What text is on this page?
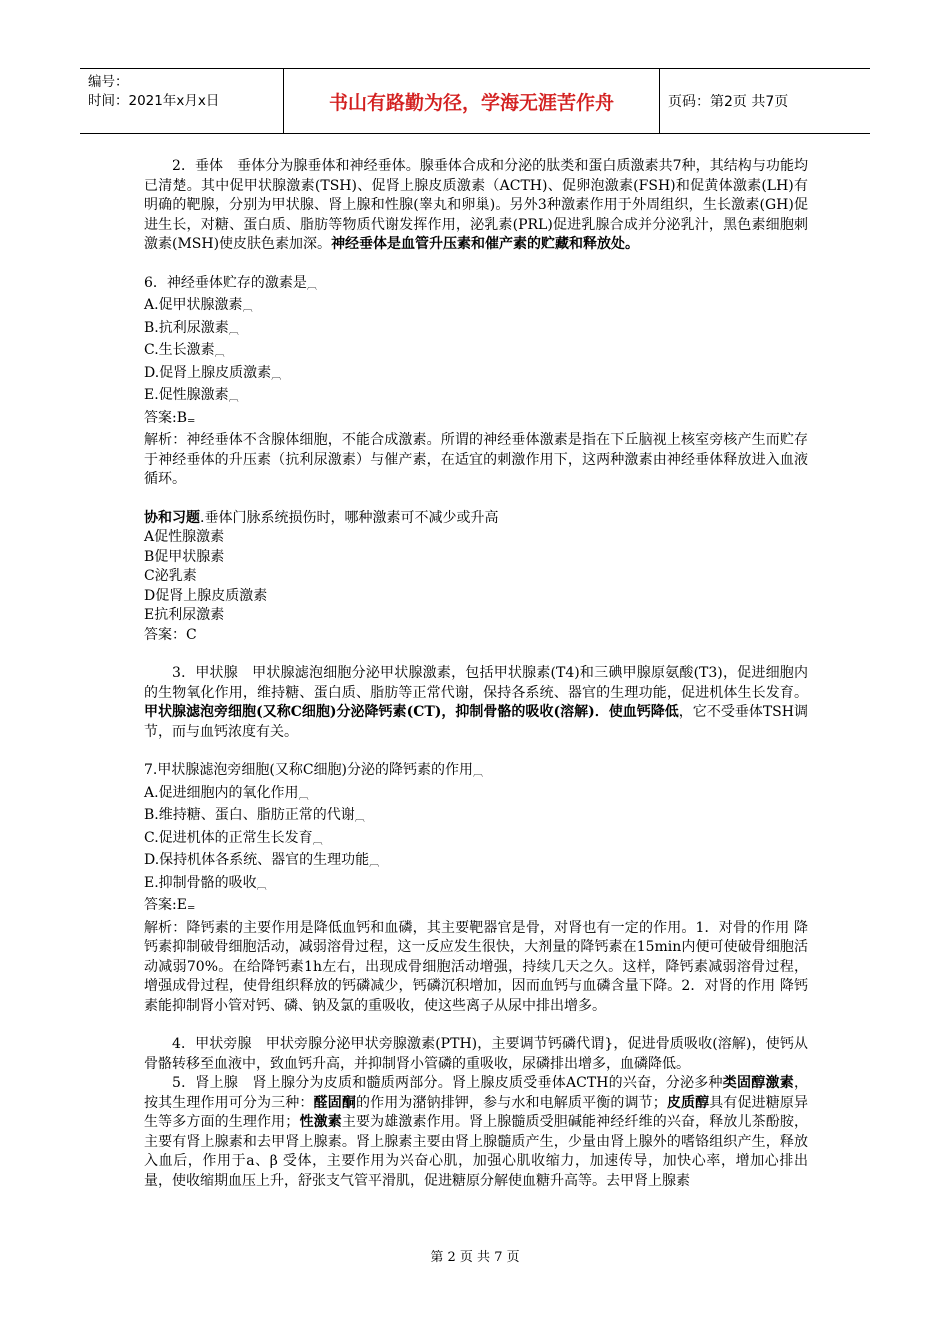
编号：
时间：2021年x月x日	书山有路勤为径，学海无涯苦作舟	页码：第2页 共7页

2．垂体　垂体分为腺垂体和神经垂体。腺垂体合成和分泌的肽类和蛋白质激素共7种，其结构与功能均已清楚。其中促甲状腺激素(TSH)、促肾上腺皮质激素（ACTH)、促卵泡激素(FSH)和促黄体激素(LH)有明确的靶腺，分别为甲状腺、肾上腺和性腺(睾丸和卵巢)。另外3种激素作用于外周组织，生长激素(GH)促进生长，对糖、蛋白质、脂肪等物质代谢发挥作用，泌乳素(PRL)促进乳腺合成并分泌乳汁，黑色素细胞刺激素(MSH)使皮肤色素加深。神经垂体是血管升压素和催产素的贮藏和释放处。

6．神经垂体贮存的激素是︹

A.促甲状腺激素︹

B.抗利尿激素︹

C.生长激素︹

D.促肾上腺皮质激素︹

E.促性腺激素︹

答案:B=

解析：神经垂体不含腺体细胞，不能合成激素。所谓的神经垂体激素是指在下丘脑视上核室旁核产生而贮存于神经垂体的升压素（抗利尿激素）与催产素，在适宜的刺激作用下，这两种激素由神经垂体释放进入血液循环。

协和习题.垂体门脉系统损伤时，哪种激素可不减少或升高

A促性腺激素

B促甲状腺素

C泌乳素

D促肾上腺皮质激素

E抗利尿激素

答案：C

3．甲状腺　甲状腺滤泡细胞分泌甲状腺激素，包括甲状腺素(T4)和三碘甲腺原氨酸(T3)，促进细胞内的生物氧化作用，维持糖、蛋白质、脂肪等正常代谢，保持各系统、器官的生理功能，促进机体生长发育。甲状腺滤泡旁细胞(又称C细胞)分泌降钙素(CT)，抑制骨骼的吸收(溶解)．使血钙降低，它不受垂体TSH调节，而与血钙浓度有关。

7.甲状腺滤泡旁细胞(又称C细胞)分泌的降钙素的作用︹

A.促进细胞内的氧化作用︹

B.维持糖、蛋白、脂肪正常的代谢︹

C.促进机体的正常生长发育︹

D.保持机体各系统、器官的生理功能︹

E.抑制骨骼的吸收︹

答案:E=

解析：降钙素的主要作用是降低血钙和血磷，其主要靶器官是骨，对肾也有一定的作用。1．对骨的作用 降钙素抑制破骨细胞活动，减弱溶骨过程，这一反应发生很快，大剂量的降钙素在15min内便可使破骨细胞活动减弱70%。在给降钙素1h左右，出现成骨细胞活动增强，持续几天之久。这样，降钙素减弱溶骨过程，增强成骨过程，使骨组织释放的钙磷减少，钙磷沉积增加，因而血钙与血磷含量下降。2．对肾的作用 降钙素能抑制肾小管对钙、磷、钠及氯的重吸收，使这些离子从尿中排出增多。

4．甲状旁腺　甲状旁腺分泌甲状旁腺激素(PTH)，主要调节钙磷代谓}，促进骨质吸收(溶解)，使钙从骨骼转移至血液中，致血钙升高，并抑制肾小管磷的重吸收，尿磷排出增多，血磷降低。

5．肾上腺　肾上腺分为皮质和髓质两部分。肾上腺皮质受垂体ACTH的兴奋，分泌多种类固醇激素，按其生理作用可分为三种：醛固酮的作用为潴钠排钾，参与水和电解质平衡的调节；皮质醇具有促进糖原异生等多方面的生理作用；性激素主要为雄激素作用。肾上腺髓质受胆碱能神经纤维的兴奋，释放儿茶酚胺，主要有肾上腺素和去甲肾上腺素。肾上腺素主要由肾上腺髓质产生，少量由肾上腺外的嗜铬组织产生，释放入血后，作用于a、β 受体，主要作用为兴奋心肌，加强心肌收缩力，加速传导，加快心率，增加心排出量，使收缩期血压上升，舒张支气管平滑肌，促进糖原分解使血糖升高等。去甲肾上腺素

第 2 页 共 7 页
